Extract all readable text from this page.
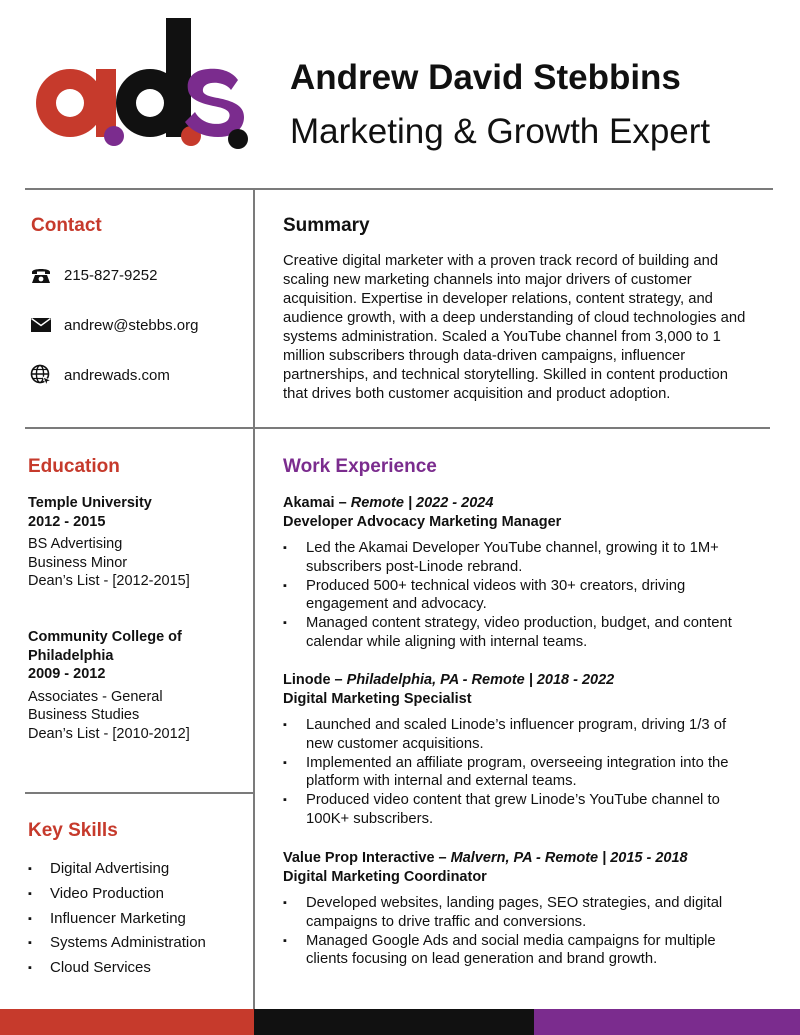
Andrew David Stebbins
Marketing & Growth Expert
Contact
215-827-9252
andrew@stebbs.org
andrewads.com
Summary
Creative digital marketer with a proven track record of building and
scaling new marketing channels into major drivers of customer
acquisition. Expertise in developer relations, content strategy, and
audience growth, with a deep understanding of cloud technologies and
systems administration. Scaled a YouTube channel from 3,000 to 1
million subscribers through data-driven campaigns, influencer
partnerships, and technical storytelling. Skilled in content production
that drives both customer acquisition and product adoption.
Education
Temple University
2012 - 2015
BS Advertising
Business Minor
Dean’s List - [2012-2015]
Community College of
Philadelphia
2009 - 2012
Associates - General
Business Studies
Dean’s List - [2010-2012]
Key Skills
▪	Digital Advertising
▪	Video Production
▪	Influencer Marketing
▪	Systems Administration
▪	Cloud Services
Work Experience
Akamai – Remote | 2022 - 2024
Developer Advocacy Marketing Manager
▪	Led the Akamai Developer YouTube channel, growing it to 1M+
subscribers post-Linode rebrand.
▪	Produced 500+ technical videos with 30+ creators, driving
engagement and advocacy.
▪	Managed content strategy, video production, budget, and content
calendar while aligning with internal teams.
Linode – Philadelphia, PA - Remote | 2018 - 2022
Digital Marketing Specialist
▪	Launched and scaled Linode’s influencer program, driving 1/3 of
new customer acquisitions.
▪	Implemented an affiliate program, overseeing integration into the
platform with internal and external teams.
▪	Produced video content that grew Linode’s YouTube channel to
100K+ subscribers.
Value Prop Interactive – Malvern, PA - Remote | 2015 - 2018
Digital Marketing Coordinator
▪	Developed websites, landing pages, SEO strategies, and digital
campaigns to drive traffic and conversions.
▪	Managed Google Ads and social media campaigns for multiple
clients focusing on lead generation and brand growth.
